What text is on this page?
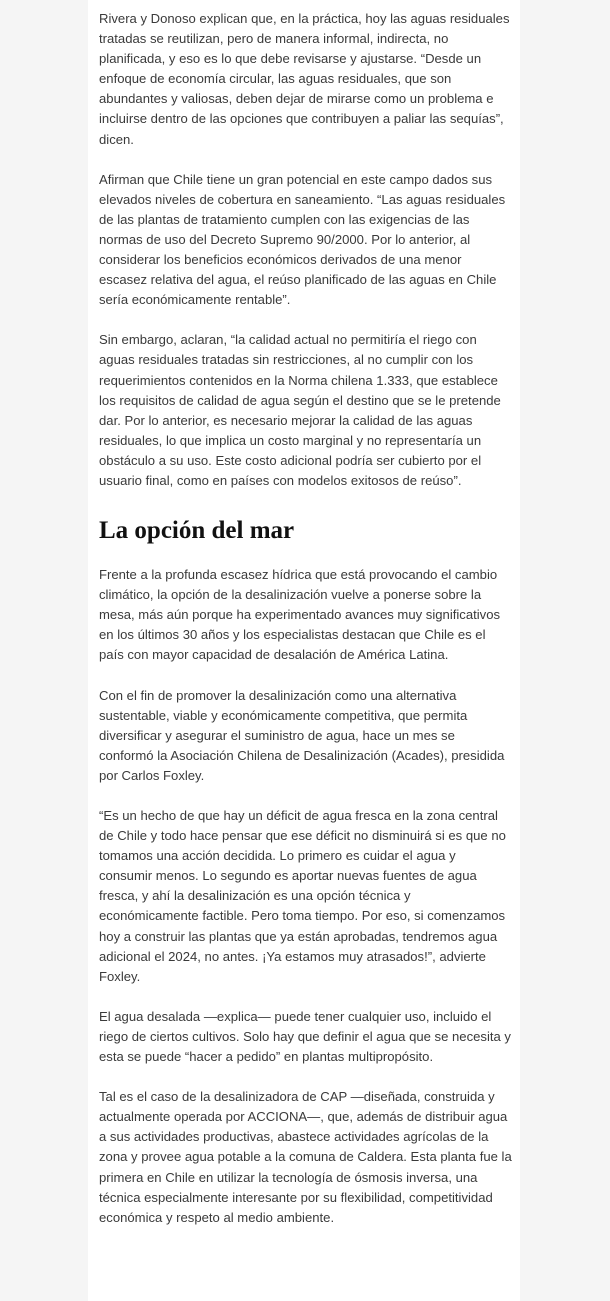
Rivera y Donoso explican que, en la práctica, hoy las aguas residuales tratadas se reutilizan, pero de manera informal, indirecta, no planificada, y eso es lo que debe revisarse y ajustarse. “Desde un enfoque de economía circular, las aguas residuales, que son abundantes y valiosas, deben dejar de mirarse como un problema e incluirse dentro de las opciones que contribuyen a paliar las sequías”, dicen.

Afirman que Chile tiene un gran potencial en este campo dados sus elevados niveles de cobertura en saneamiento. “Las aguas residuales de las plantas de tratamiento cumplen con las exigencias de las normas de uso del Decreto Supremo 90/2000. Por lo anterior, al considerar los beneficios económicos derivados de una menor escasez relativa del agua, el reúso planificado de las aguas en Chile sería económicamente rentable”.

Sin embargo, aclaran, “la calidad actual no permitiría el riego con aguas residuales tratadas sin restricciones, al no cumplir con los requerimientos contenidos en la Norma chilena 1.333, que establece los requisitos de calidad de agua según el destino que se le pretende dar. Por lo anterior, es necesario mejorar la calidad de las aguas residuales, lo que implica un costo marginal y no representaría un obstáculo a su uso. Este costo adicional podría ser cubierto por el usuario final, como en países con modelos exitosos de reúso”.

La opción del mar

Frente a la profunda escasez hídrica que está provocando el cambio climático, la opción de la desalinización vuelve a ponerse sobre la mesa, más aún porque ha experimentado avances muy significativos en los últimos 30 años y los especialistas destacan que Chile es el país con mayor capacidad de desalación de América Latina.

Con el fin de promover la desalinización como una alternativa sustentable, viable y económicamente competitiva, que permita diversificar y asegurar el suministro de agua, hace un mes se conformó la Asociación Chilena de Desalinización (Acades), presidida por Carlos Foxley.

“Es un hecho de que hay un déficit de agua fresca en la zona central de Chile y todo hace pensar que ese déficit no disminuirá si es que no tomamos una acción decidida. Lo primero es cuidar el agua y consumir menos. Lo segundo es aportar nuevas fuentes de agua fresca, y ahí la desalinización es una opción técnica y económicamente factible. Pero toma tiempo. Por eso, si comenzamos hoy a construir las plantas que ya están aprobadas, tendremos agua adicional el 2024, no antes. ¡Ya estamos muy atrasados!”, advierte Foxley.

El agua desalada —explica— puede tener cualquier uso, incluido el riego de ciertos cultivos. Solo hay que definir el agua que se necesita y esta se puede “hacer a pedido” en plantas multipropósito.

Tal es el caso de la desalinizadora de CAP —diseñada, construida y actualmente operada por ACCIONA—, que, además de distribuir agua a sus actividades productivas, abastece actividades agrícolas de la zona y provee agua potable a la comuna de Caldera. Esta planta fue la primera en Chile en utilizar la tecnología de ósmosis inversa, una técnica especialmente interesante por su flexibilidad, competitividad económica y respeto al medio ambiente.
